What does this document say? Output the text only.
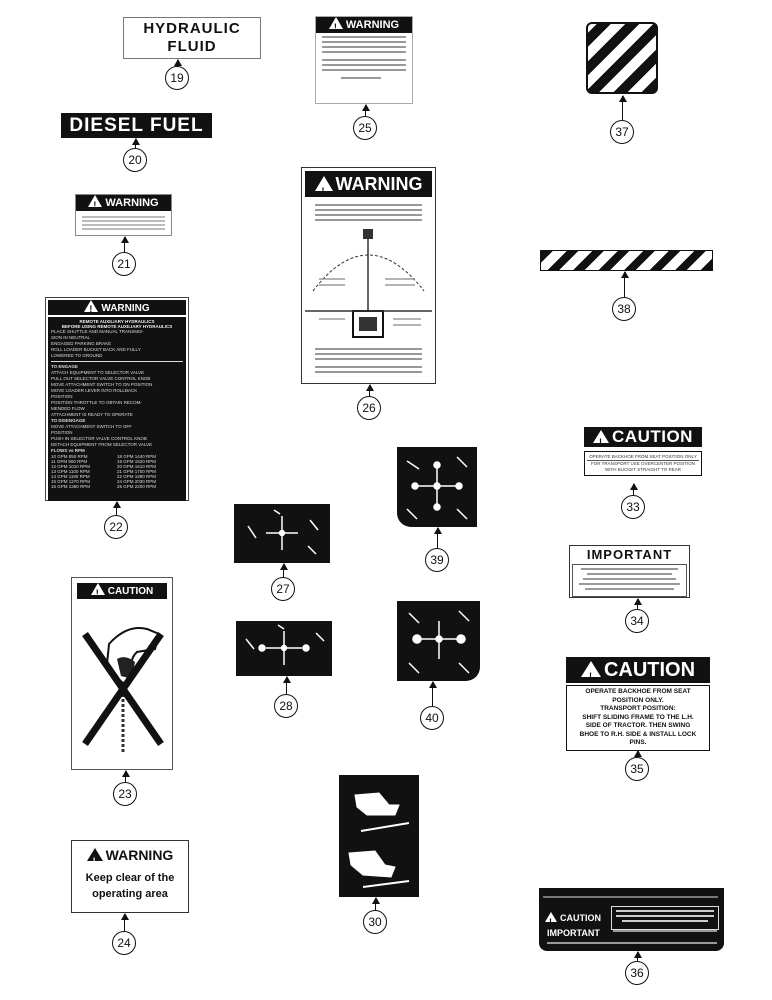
HYDRAULIC
FLUID
19
DIESEL FUEL
20
!WARNING
21
!WARNING
REMOTE AUXILIARY HYDRAULICS
BEFORE USING REMOTE AUXILIARY HYDRAULICS
PLACE SHUTTLE AND MANUAL TRANSMIS-
SION IN NEUTRAL
ENGAGED PARKING BRAKE
ROLL LOADER BUCKET BACK AND FULLY
LOWERED TO GROUND
TO ENGAGE
ATTACH EQUIPMENT TO SELECTOR VALVE
PULL OUT SELECTOR VALVE CONTROL KNOB
MOVE ATTACHMENT SWITCH TO ON POSITION
MOVE LOADER LEVER INTO ROLLBACK
POSITION
POSITION THROTTLE TO OBTAIN RECOM-
MENDED FLOW
ATTACHMENT IS READY TO OPERATE
TO DISENGAGE
MOVE ATTACHMENT SWITCH TO OFF
POSITION
PUSH IN SELECTOR VALVE CONTROL KNOB
DETACH EQUIPMENT FROM SELECTOR VALVE
FLOWS vs RPM
10 GPM 850 RPM
11 GPM 900 RPM
12 GPM 1010 RPM
13 GPM 1100 RPM
14 GPM 1190 RPM
15 GPM 1270 RPM
16 GPM 1360 RPM
18 GPM 1440 RPM
19 GPM 1520 RPM
20 GPM 1610 RPM
21 GPM 1700 RPM
22 GPM 1880 RPM
24 GPM 2030 RPM
25 GPM 2200 RPM
22
!CAUTION
23
!WARNING
Keep clear of the
operating area
24
!WARNING
25
!WARNING
26
27
28
30
39
40
37
38
!CAUTION
OPERATE BACKHOE FROM SEAT POSITION ONLY
FOR TRANSPORT USE OVERCENTER POSITION
WITH BUCKET STRAIGHT TO REAR
33
IMPORTANT
34
!CAUTION
OPERATE BACKHOE FROM SEAT
POSITION ONLY.
TRANSPORT POSITION:
SHIFT SLIDING FRAME TO THE L.H.
SIDE OF TRACTOR. THEN SWING
BHOE TO R.H. SIDE & INSTALL LOCK
PINS.
35
!CAUTION
IMPORTANT
36
